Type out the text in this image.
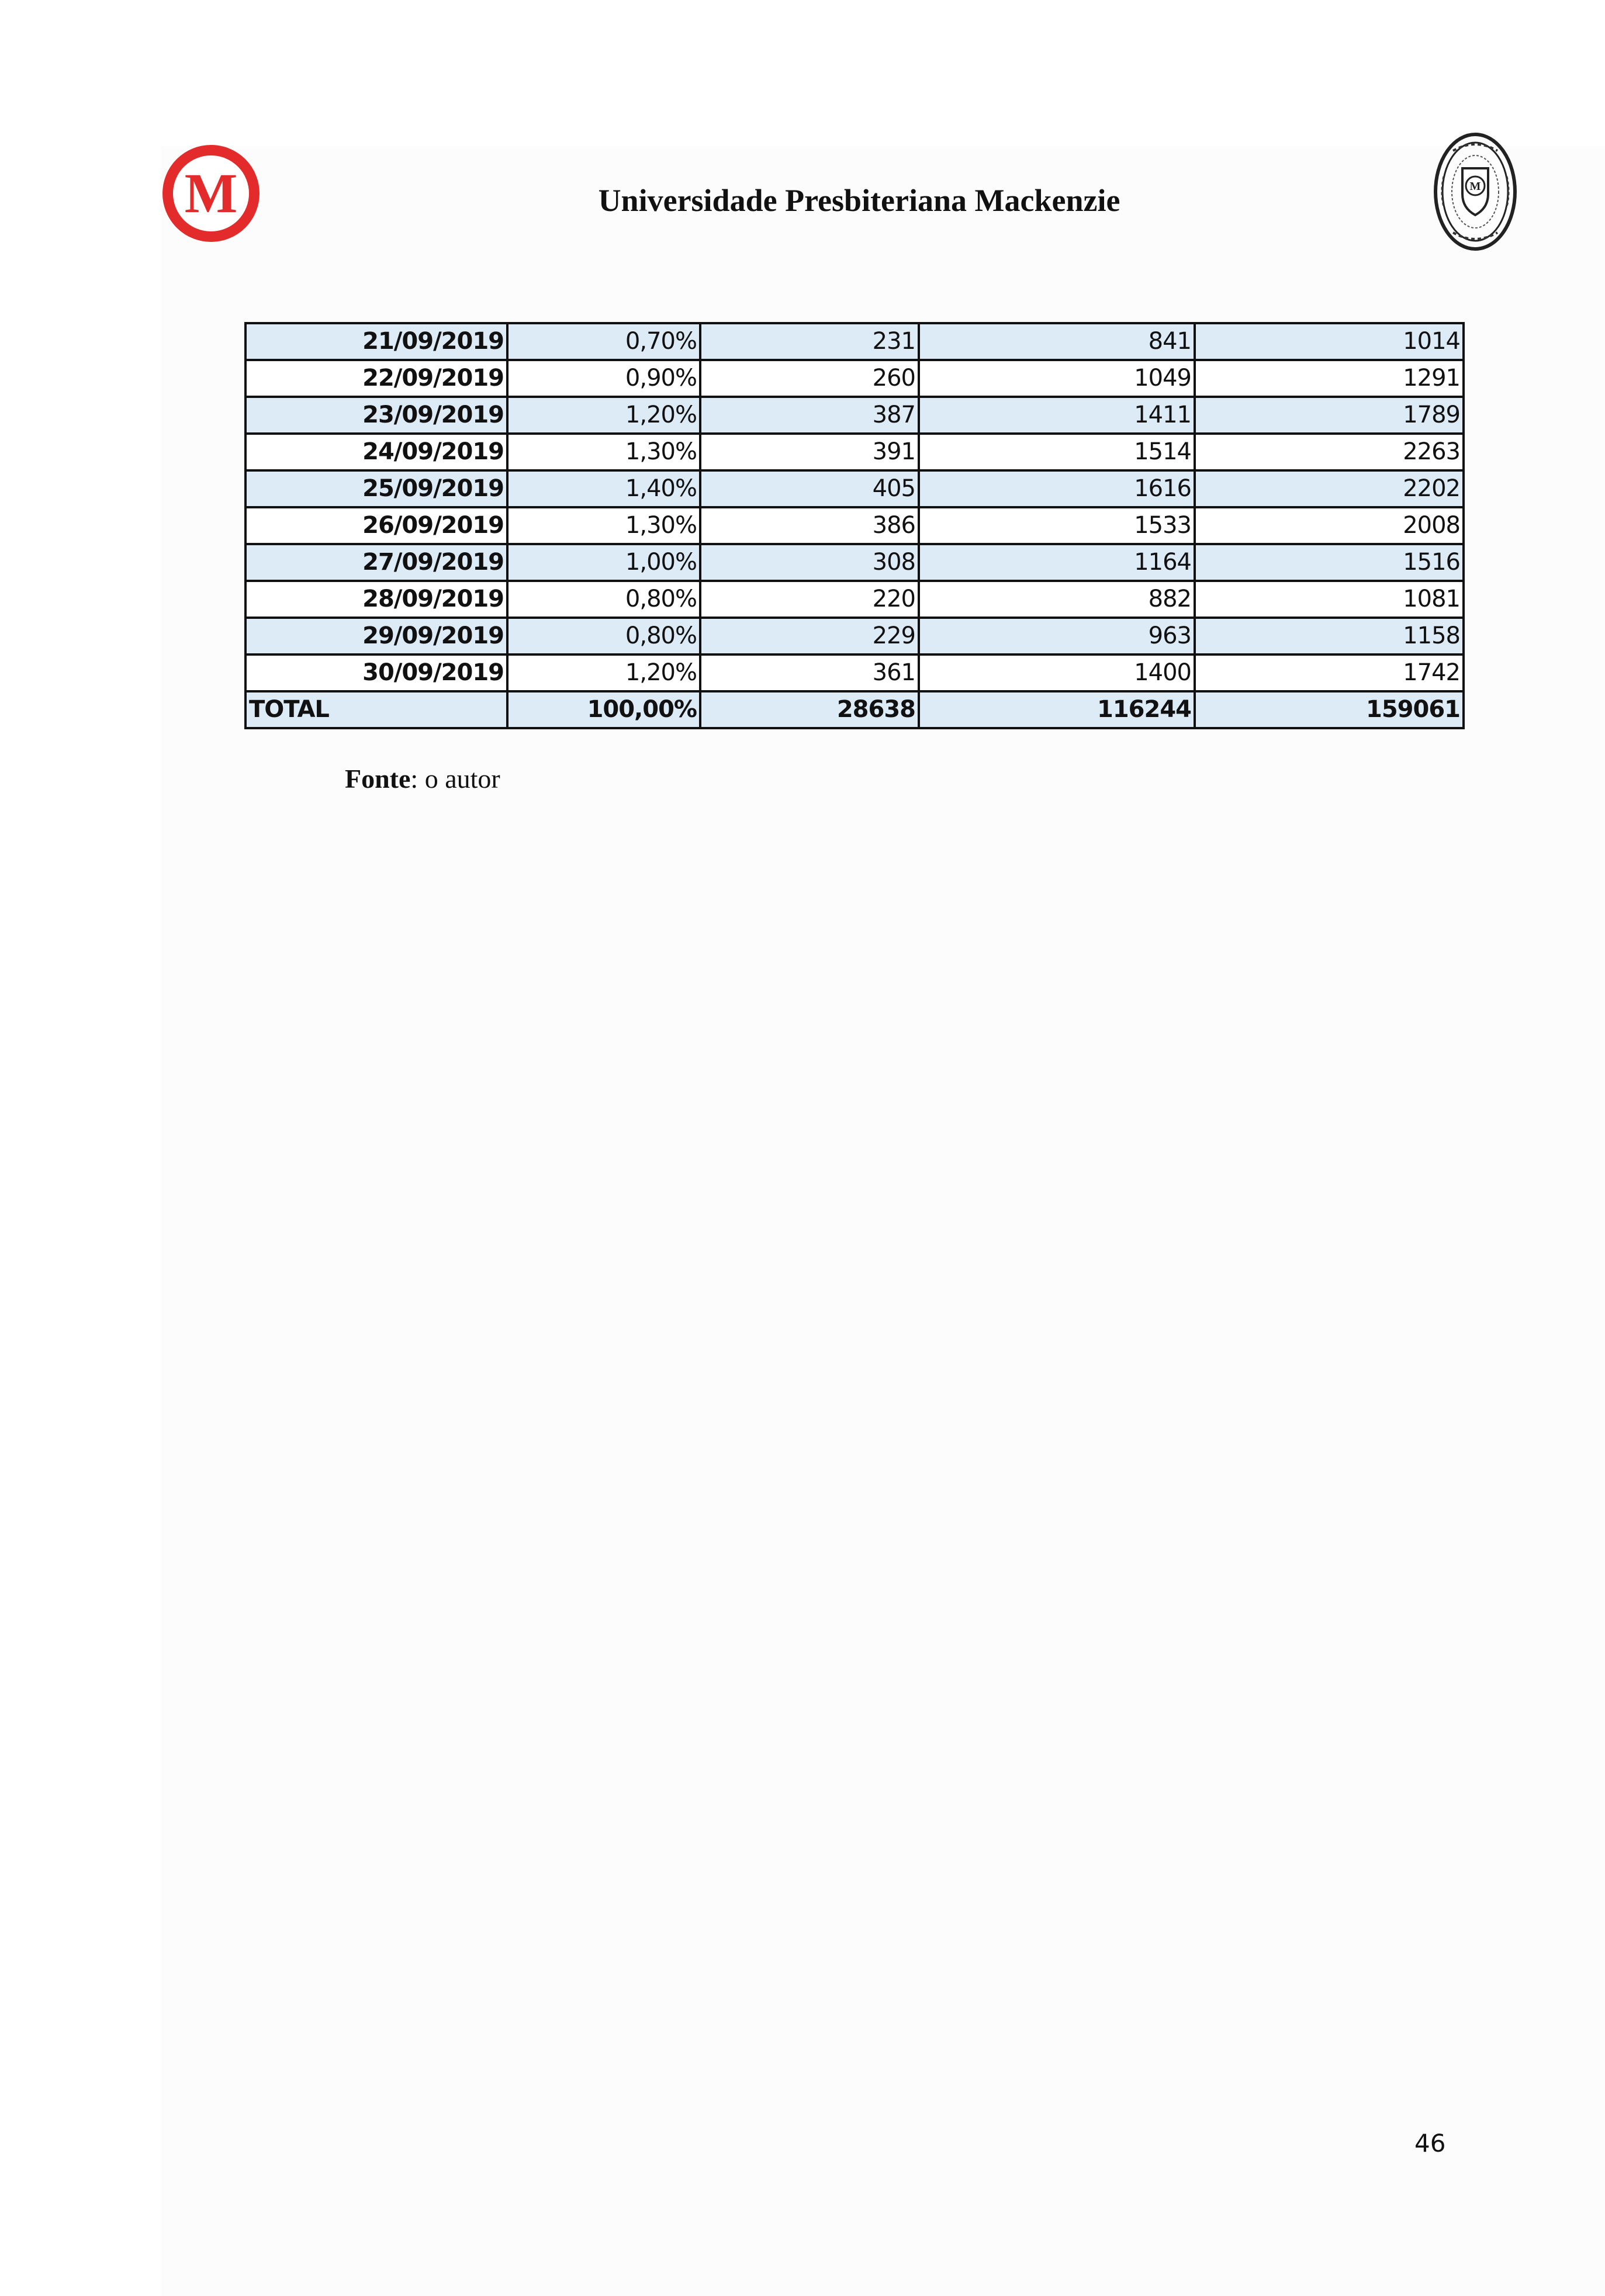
M	Universidade Presbiteriana Mackenzie	M
21/09/2019	0,70%	231	841	1014
22/09/2019	0,90%	260	1049	1291
23/09/2019	1,20%	387	1411	1789
24/09/2019	1,30%	391	1514	2263
25/09/2019	1,40%	405	1616	2202
26/09/2019	1,30%	386	1533	2008
27/09/2019	1,00%	308	1164	1516
28/09/2019	0,80%	220	882	1081
29/09/2019	0,80%	229	963	1158
30/09/2019	1,20%	361	1400	1742
TOTAL	100,00%	28638	116244	159061
Fonte: o autor
46
